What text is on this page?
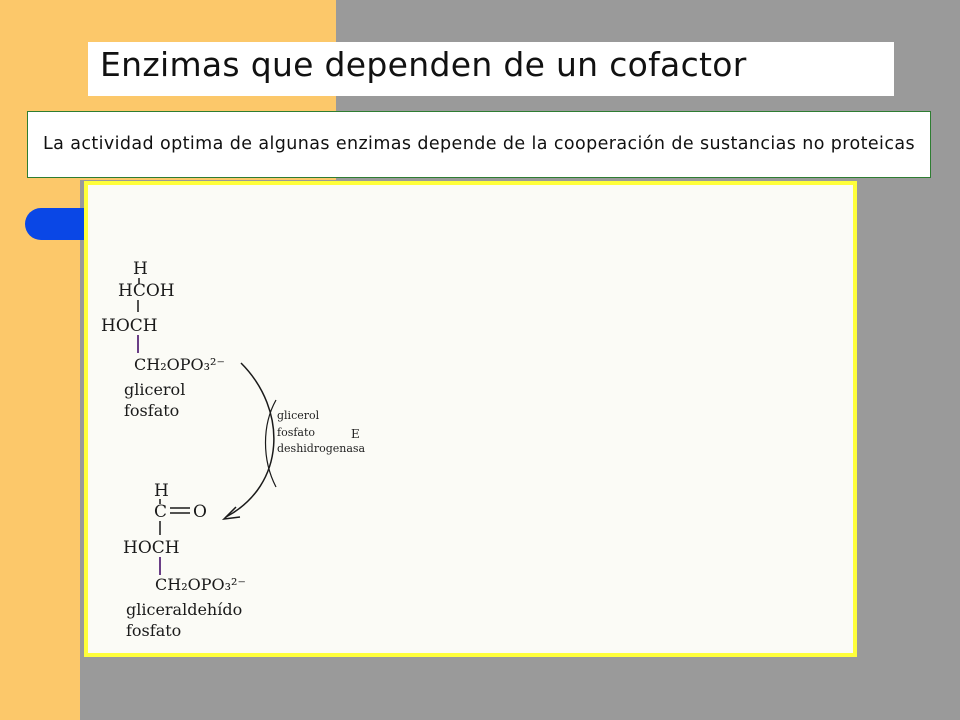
Enzimas que dependen de un cofactor
La actividad optima de algunas enzimas depende de la cooperación de sustancias no proteicas
H
HCOH
HOCH
CH₂OPO₃²⁻
glicerol
fosfato	glicerol
fosfato
deshidrogenasa
E
H
C O
HOCH
CH₂OPO₃²⁻
gliceraldehído
fosfato
